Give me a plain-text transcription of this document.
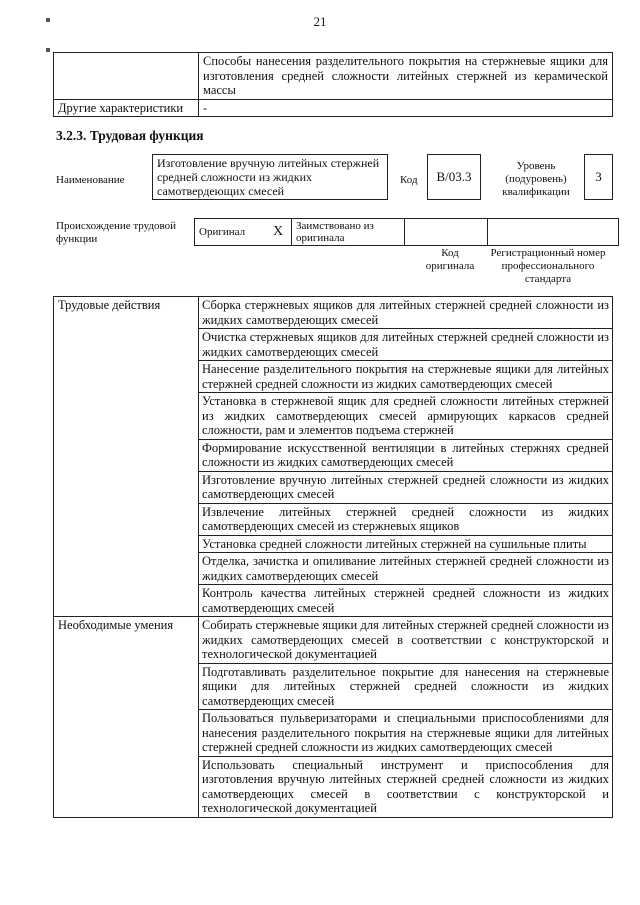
21
	Способы нанесения разделительного покрытия на стержневые ящики для изготовления средней сложности литейных стержней из керамической массы
Другие характеристики	-
3.2.3. Трудовая функция
Наименование
Изготовление вручную литейных стержней средней сложности из жидких самотвердеющих смесей
Код	В/03.3
Уровень (подуровень) квалификации
3
Происхождение трудовой функции
Оригинал	X	Заимствовано из оригинала		
Код оригинала
Регистрационный номер профессионального стандарта
Трудовые действия	Сборка стержневых ящиков для литейных стержней средней сложности из жидких самотвердеющих смесей
	Очистка стержневых ящиков для литейных стержней средней сложности из жидких самотвердеющих смесей
	Нанесение разделительного покрытия на стержневые ящики для литейных стержней средней сложности из жидких самотвердеющих смесей
	Установка в стержневой ящик для средней сложности литейных стержней из жидких самотвердеющих смесей армирующих каркасов средней сложности, рам и элементов подъема стержней
	Формирование искусственной вентиляции в литейных стержнях средней сложности из жидких самотвердеющих смесей
	Изготовление вручную литейных стержней средней сложности из жидких самотвердеющих смесей
	Извлечение литейных стержней средней сложности из жидких самотвердеющих смесей из стержневых ящиков
	Установка средней сложности литейных стержней на сушильные плиты
	Отделка, зачистка и опиливание литейных стержней средней сложности из жидких самотвердеющих смесей
	Контроль качества литейных стержней средней сложности из жидких самотвердеющих смесей
Необходимые умения	Собирать стержневые ящики для литейных стержней средней сложности из жидких самотвердеющих смесей в соответствии с конструкторской и технологической документацией
	Подготавливать разделительное покрытие для нанесения на стержневые ящики для литейных стержней средней сложности из жидких самотвердеющих смесей
	Пользоваться пульверизаторами и специальными приспособлениями для нанесения разделительного покрытия на стержневые ящики для литейных стержней средней сложности из жидких самотвердеющих смесей
	Использовать специальный инструмент и приспособления для изготовления вручную литейных стержней средней сложности из жидких самотвердеющих смесей в соответствии с конструкторской и технологической документацией
